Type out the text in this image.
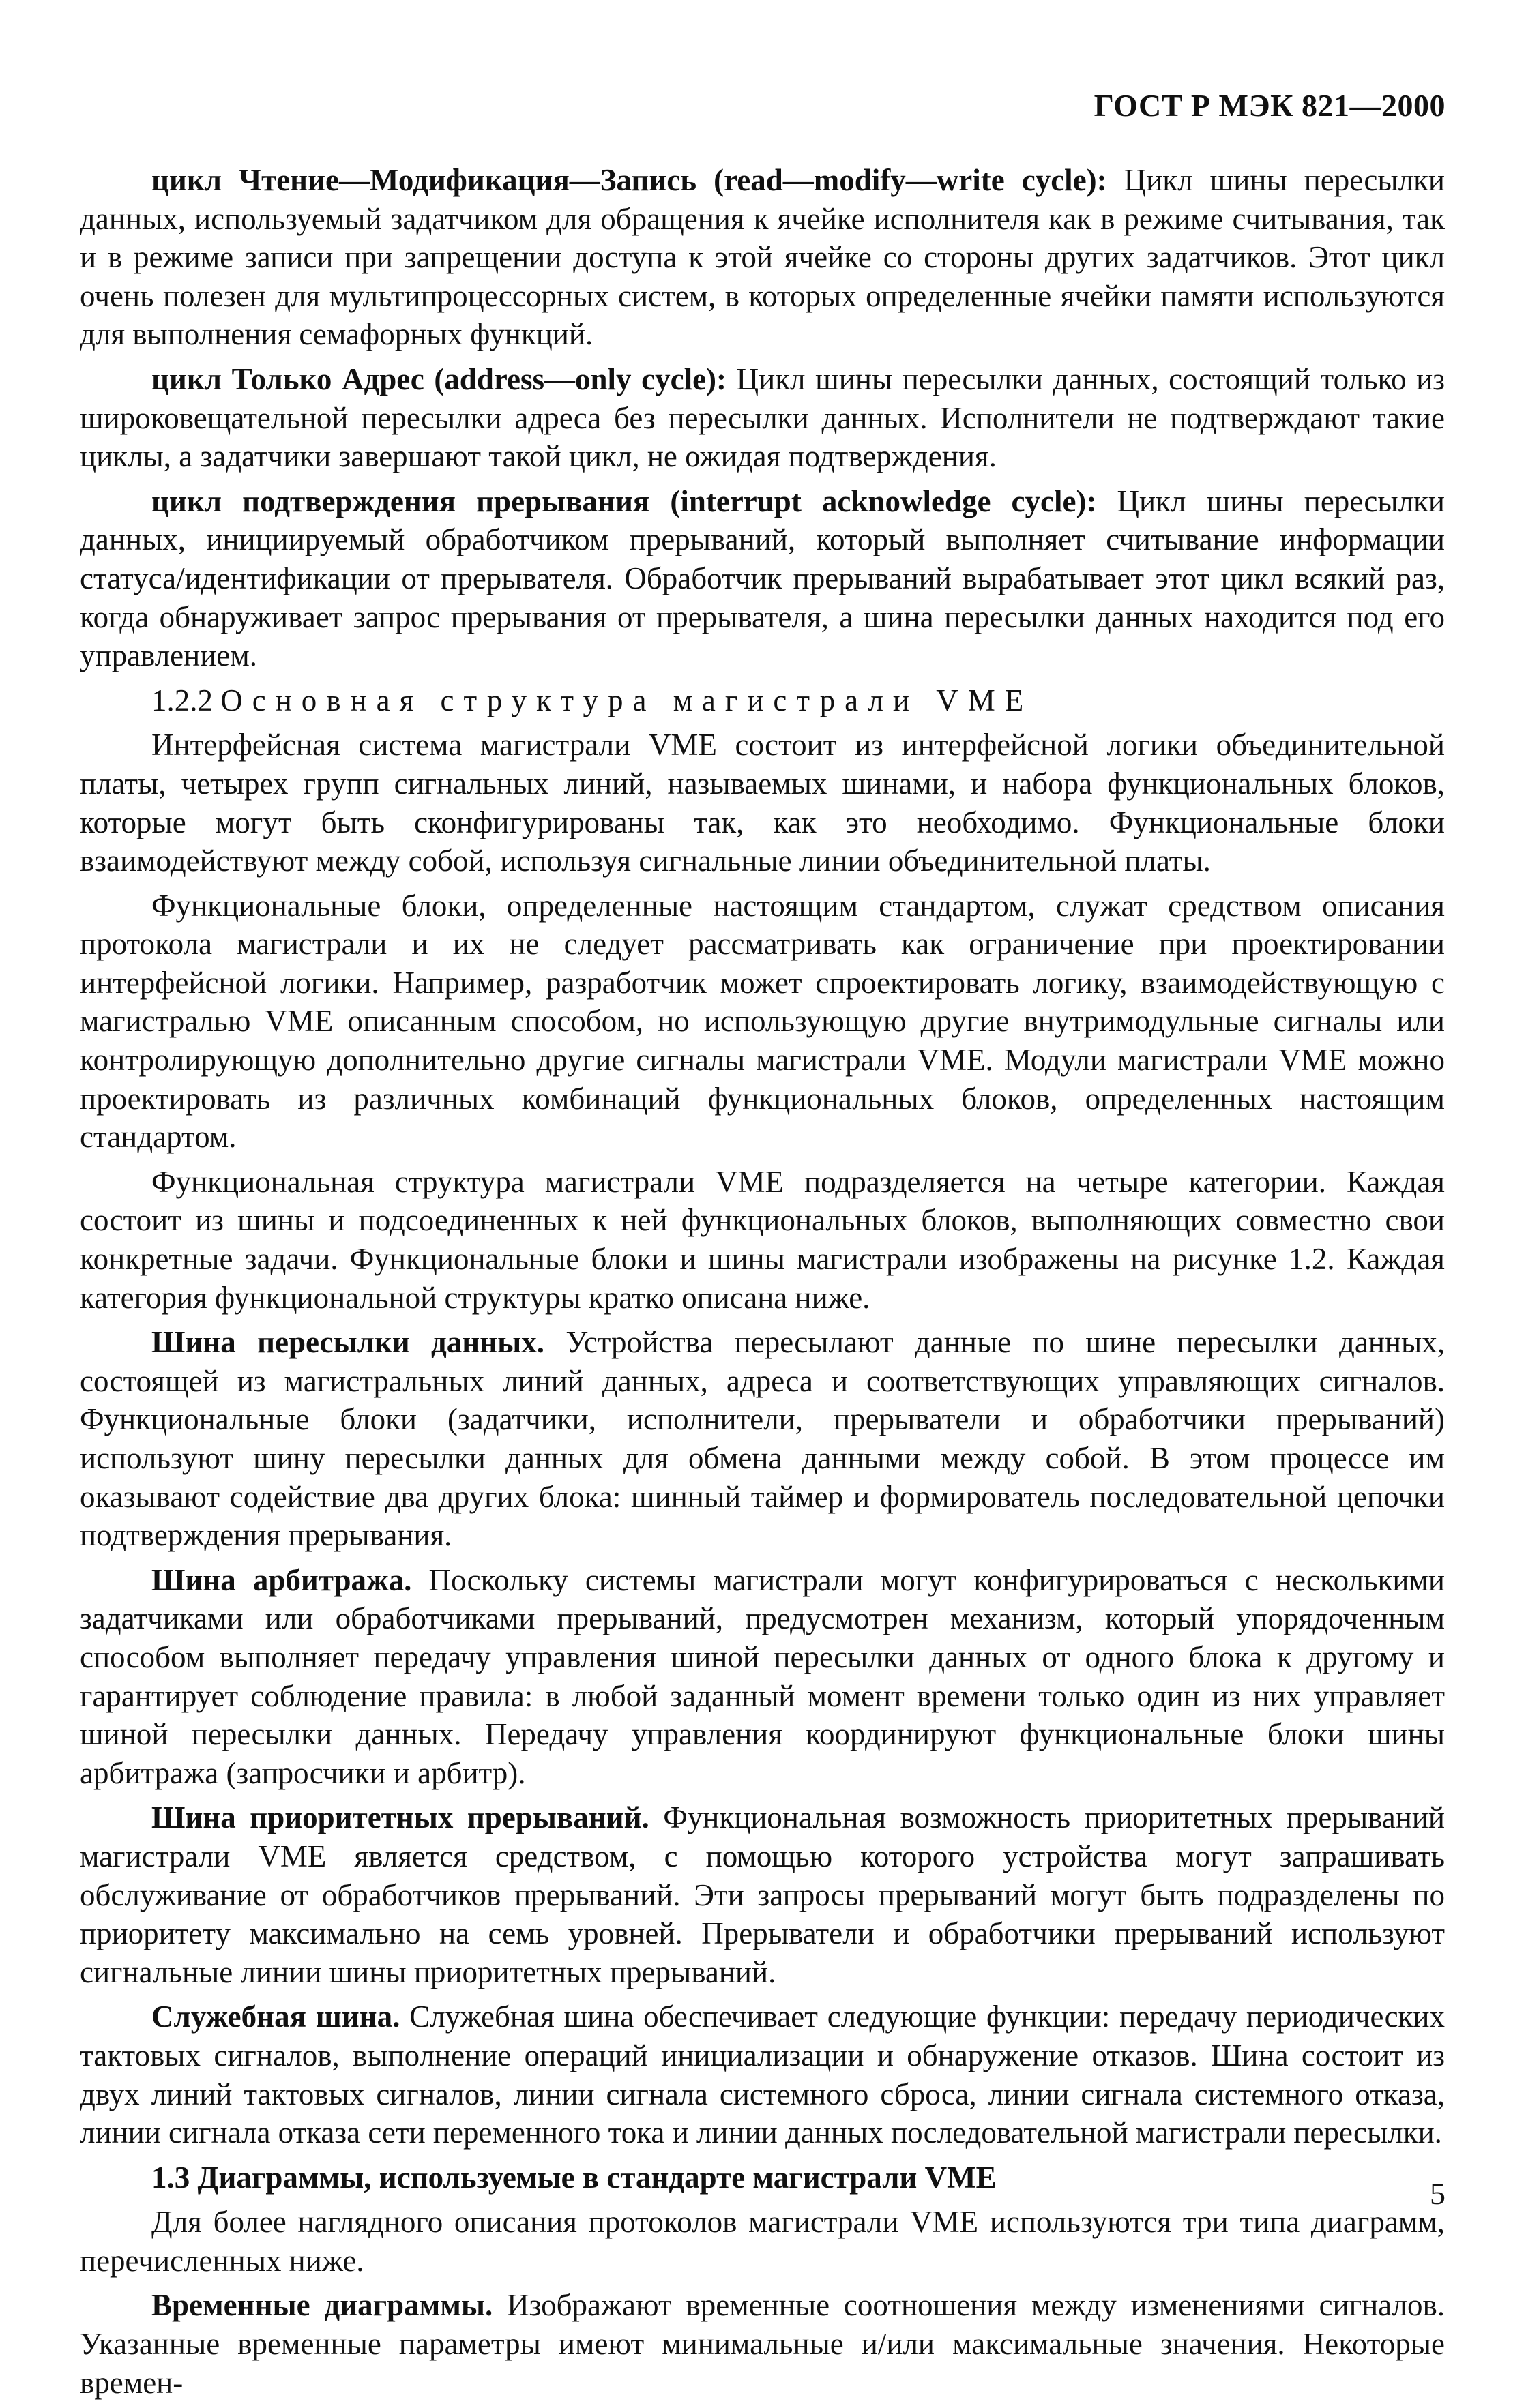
ГОСТ Р МЭК 821—2000

цикл Чтение—Модификация—Запись (read—modify—write cycle): Цикл шины пересылки данных, используемый задатчиком для обращения к ячейке исполнителя как в режиме считывания, так и в режиме записи при запрещении доступа к этой ячейке со стороны других задатчиков. Этот цикл очень полезен для мультипроцессорных систем, в которых определенные ячейки памяти используются для выполнения семафорных функций.

цикл Только Адрес (address—only cycle): Цикл шины пересылки данных, состоящий только из широковещательной пересылки адреса без пересылки данных. Исполнители не подтверждают такие циклы, а задатчики завершают такой цикл, не ожидая подтверждения.

цикл подтверждения прерывания (interrupt acknowledge cycle): Цикл шины пересылки данных, инициируемый обработчиком прерываний, который выполняет считывание информации статуса/идентификации от прерывателя. Обработчик прерываний вырабатывает этот цикл всякий раз, когда обнаруживает запрос прерывания от прерывателя, а шина пересылки данных находится под его управлением.

1.2.2 Основная структура магистрали VME

Интерфейсная система магистрали VME состоит из интерфейсной логики объединительной платы, четырех групп сигнальных линий, называемых шинами, и набора функциональных блоков, которые могут быть сконфигурированы так, как это необходимо. Функциональные блоки взаимодействуют между собой, используя сигнальные линии объединительной платы.

Функциональные блоки, определенные настоящим стандартом, служат средством описания протокола магистрали и их не следует рассматривать как ограничение при проектировании интерфейсной логики. Например, разработчик может спроектировать логику, взаимодействующую с магистралью VME описанным способом, но использующую другие внутримодульные сигналы или контролирующую дополнительно другие сигналы магистрали VME. Модули магистрали VME можно проектировать из различных комбинаций функциональных блоков, определенных настоящим стандартом.

Функциональная структура магистрали VME подразделяется на четыре категории. Каждая состоит из шины и подсоединенных к ней функциональных блоков, выполняющих совместно свои конкретные задачи. Функциональные блоки и шины магистрали изображены на рисунке 1.2. Каждая категория функциональной структуры кратко описана ниже.

Шина пересылки данных. Устройства пересылают данные по шине пересылки данных, состоящей из магистральных линий данных, адреса и соответствующих управляющих сигналов. Функциональные блоки (задатчики, исполнители, прерыватели и обработчики прерываний) используют шину пересылки данных для обмена данными между собой. В этом процессе им оказывают содействие два других блока: шинный таймер и формирователь последовательной цепочки подтверждения прерывания.

Шина арбитража. Поскольку системы магистрали могут конфигурироваться с несколькими задатчиками или обработчиками прерываний, предусмотрен механизм, который упорядоченным способом выполняет передачу управления шиной пересылки данных от одного блока к другому и гарантирует соблюдение правила: в любой заданный момент времени только один из них управляет шиной пересылки данных. Передачу управления координируют функциональные блоки шины арбитража (запросчики и арбитр).

Шина приоритетных прерываний. Функциональная возможность приоритетных прерываний магистрали VME является средством, с помощью которого устройства могут запрашивать обслуживание от обработчиков прерываний. Эти запросы прерываний могут быть подразделены по приоритету максимально на семь уровней. Прерыватели и обработчики прерываний используют сигнальные линии шины приоритетных прерываний.

Служебная шина. Служебная шина обеспечивает следующие функции: передачу периодических тактовых сигналов, выполнение операций инициализации и обнаружение отказов. Шина состоит из двух линий тактовых сигналов, линии сигнала системного сброса, линии сигнала системного отказа, линии сигнала отказа сети переменного тока и линии данных последовательной магистрали пересылки.

1.3 Диаграммы, используемые в стандарте магистрали VME

Для более наглядного описания протоколов магистрали VME используются три типа диаграмм, перечисленных ниже.

Временные диаграммы. Изображают временные соотношения между изменениями сигналов. Указанные временные параметры имеют минимальные и/или максимальные значения. Некоторые времен-

5
